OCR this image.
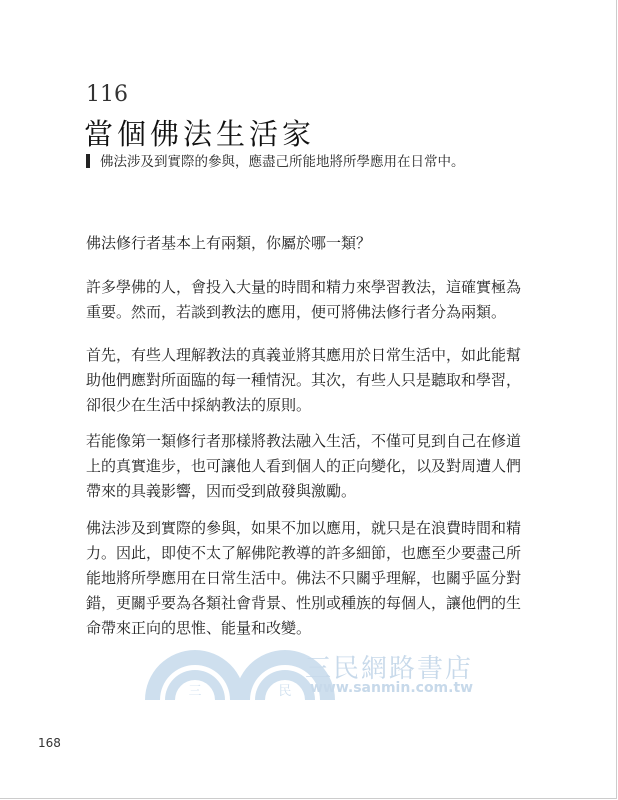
116
當個佛法生活家
佛法涉及到實際的參與，應盡己所能地將所學應用在日常中。
佛法修行者基本上有兩類，你屬於哪一類？
許多學佛的人，會投入大量的時間和精力來學習教法，這確實極為
重要。然而，若談到教法的應用，便可將佛法修行者分為兩類。
首先，有些人理解教法的真義並將其應用於日常生活中，如此能幫
助他們應對所面臨的每一種情況。其次，有些人只是聽取和學習，
卻很少在生活中採納教法的原則。
若能像第一類修行者那樣將教法融入生活，不僅可見到自己在修道
上的真實進步，也可讓他人看到個人的正向變化，以及對周遭人們
帶來的具義影響，因而受到啟發與激勵。
佛法涉及到實際的參與，如果不加以應用，就只是在浪費時間和精
力。因此，即使不太了解佛陀教導的許多細節，也應至少要盡己所
能地將所學應用在日常生活中。佛法不只關乎理解，也關乎區分對
錯，更關乎要為各類社會背景、性別或種族的每個人，讓他們的生
命帶來正向的思惟、能量和改變。
三	民
三民網路書店
www.sanmin.com.tw
168
